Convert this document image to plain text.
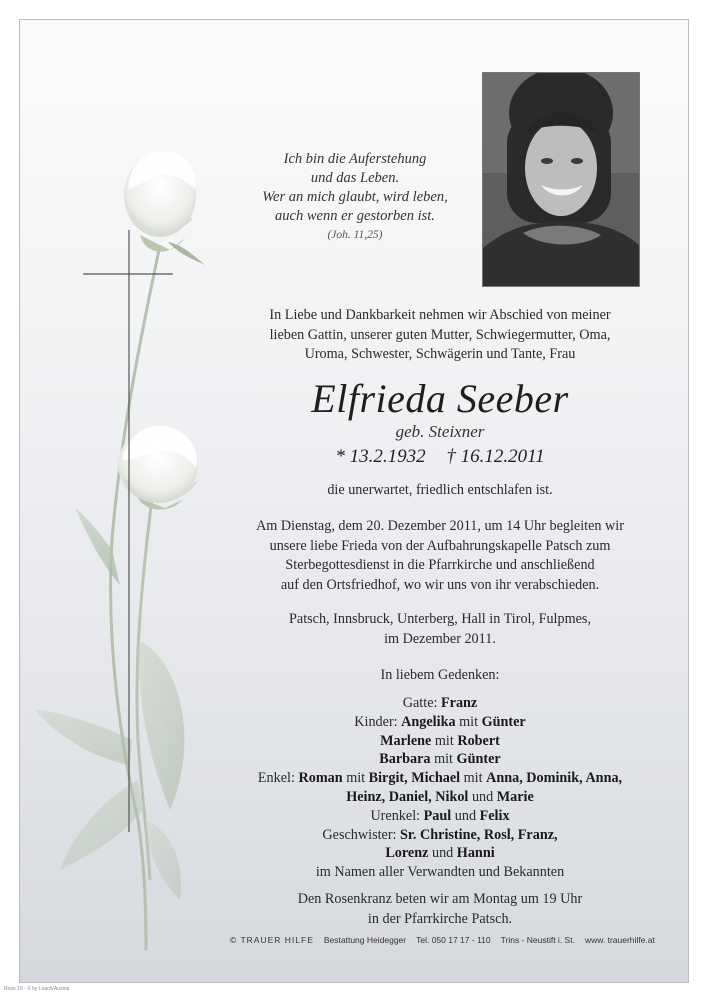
Ich bin die Auferstehung
und das Leben.
Wer an mich glaubt, wird leben,
auch wenn er gestorben ist.
(Joh. 11,25)
In Liebe und Dankbarkeit nehmen wir Abschied von meiner
lieben Gattin, unserer guten Mutter, Schwiegermutter, Oma,
Uroma, Schwester, Schwägerin und Tante, Frau
Elfrieda Seeber
geb. Steixner
* 13.2.1932 † 16.12.2011
die unerwartet, friedlich entschlafen ist.
Am Dienstag, dem 20. Dezember 2011, um 14 Uhr begleiten wir
unsere liebe Frieda von der Aufbahrungskapelle Patsch zum
Sterbegottesdienst in die Pfarrkirche und anschließend
auf den Ortsfriedhof, wo wir uns von ihr verabschieden.
Patsch, Innsbruck, Unterberg, Hall in Tirol, Fulpmes,
im Dezember 2011.
In liebem Gedenken:
Gatte: Franz
Kinder: Angelika mit Günter
Marlene mit Robert
Barbara mit Günter
Enkel: Roman mit Birgit, Michael mit Anna, Dominik, Anna,
Heinz, Daniel, Nikol und Marie
Urenkel: Paul und Felix
Geschwister: Sr. Christine, Rosl, Franz,
Lorenz und Hanni
im Namen aller Verwandten und Bekannten
Den Rosenkranz beten wir am Montag um 19 Uhr
in der Pfarrkirche Patsch.
© TRAUER HILFE Bestattung Heidegger Tel. 050 17 17 - 110 Trins - Neustift i. St. www. trauerhilfe.at
Rose 10 - © by Loach/Austria
